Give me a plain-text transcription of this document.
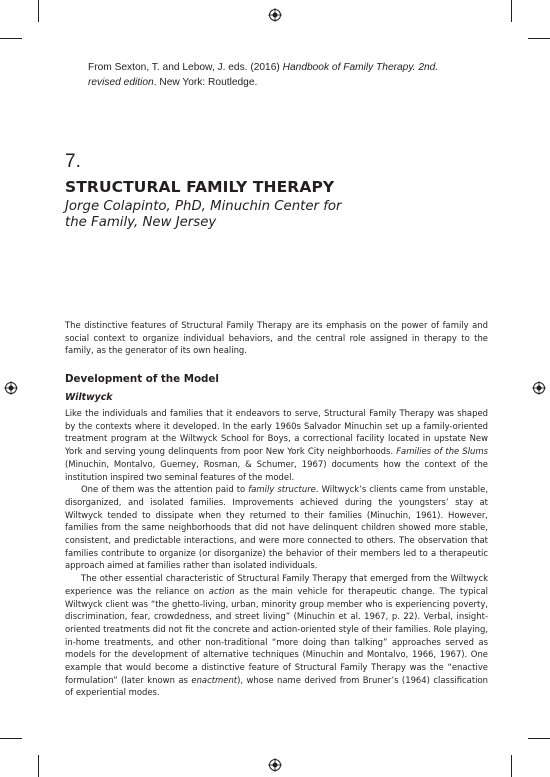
From Sexton, T. and Lebow, J. eds. (2016) Handbook of Family Therapy. 2nd. revised edition. New York: Routledge.
7.
STRUCTURAL FAMILY THERAPY
Jorge Colapinto, PhD, Minuchin Center for
the Family, New Jersey
The distinctive features of Structural Family Therapy are its emphasis on the power of family and social context to organize individual behaviors, and the central role assigned in therapy to the family, as the generator of its own healing.
Development of the Model
Wiltwyck

Like the individuals and families that it endeavors to serve, Structural Family Therapy was shaped by the contexts where it developed. In the early 1960s Salvador Minuchin set up a family-oriented treatment program at the Wiltwyck School for Boys, a correctional facility located in upstate New York and serving young delinquents from poor New York City neighborhoods. Families of the Slums (Minuchin, Montalvo, Guerney, Rosman, & Schumer, 1967) documents how the context of the institution inspired two seminal features of the model.

One of them was the attention paid to family structure. Wiltwyck’s clients came from unstable, disorganized, and isolated families. Improvements achieved during the youngsters’ stay at Wiltwyck tended to dissipate when they returned to their families (Minuchin, 1961). However, families from the same neighborhoods that did not have delinquent children showed more stable, consistent, and predictable interactions, and were more connected to others. The observation that families contribute to organize (or disorganize) the behavior of their members led to a therapeutic approach aimed at families rather than isolated individuals.

The other essential characteristic of Structural Family Therapy that emerged from the Wiltwyck experience was the reliance on action as the main vehicle for therapeutic change. The typical Wiltwyck client was “the ghetto-living, urban, minority group member who is experiencing poverty, discrimination, fear, crowdedness, and street living” (Minuchin et al. 1967, p. 22). Verbal, insight-oriented treatments did not fit the concrete and action-oriented style of their families. Role playing, in-home treatments, and other non-traditional “more doing than talking” approaches served as models for the development of alternative techniques (Minuchin and Montalvo, 1966, 1967). One example that would become a distinctive feature of Structural Family Therapy was the “enactive formulation” (later known as enactment), whose name derived from Bruner’s (1964) classification of experiential modes.
